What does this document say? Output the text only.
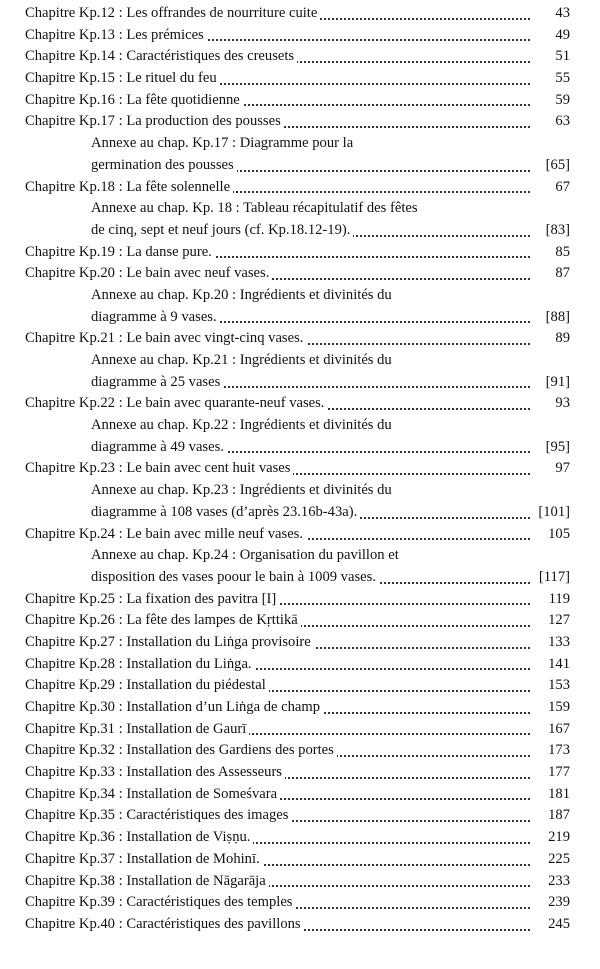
Chapitre Kp.12 : Les offrandes de nourriture cuite	43
Chapitre Kp.13 : Les prémices	49
Chapitre Kp.14 : Caractéristiques des creusets	51
Chapitre Kp.15 : Le rituel du feu	55
Chapitre Kp.16 : La fête quotidienne	59
Chapitre Kp.17 : La production des pousses	63
Annexe au chap. Kp.17 : Diagramme pour la
germination des pousses	[65]
Chapitre Kp.18 : La fête solennelle	67
Annexe au chap. Kp. 18 : Tableau récapitulatif des fêtes
de cinq, sept et neuf jours (cf. Kp.18.12-19).	[83]
Chapitre Kp.19 : La danse pure.	85
Chapitre Kp.20 : Le bain avec neuf vases.	87
Annexe au chap. Kp.20 : Ingrédients et divinités du
diagramme à 9 vases.	[88]
Chapitre Kp.21 : Le bain avec vingt-cinq vases.	89
Annexe au chap. Kp.21 : Ingrédients et divinités du
diagramme à 25 vases	[91]
Chapitre Kp.22 : Le bain avec quarante-neuf vases.	93
Annexe au chap. Kp.22 : Ingrédients et divinités du
diagramme à 49 vases.	[95]
Chapitre Kp.23 : Le bain avec cent huit vases	97
Annexe au chap. Kp.23 : Ingrédients et divinités du
diagramme à 108 vases (d’après 23.16b-43a).	[101]
Chapitre Kp.24 : Le bain avec mille neuf vases.	105
Annexe au chap. Kp.24 : Organisation du pavillon et
disposition des vases poour le bain à 1009 vases.	[117]
Chapitre Kp.25 : La fixation des pavitra [I]	119
Chapitre Kp.26 : La fête des lampes de Kṛttikā	127
Chapitre Kp.27 : Installation du Liṅga provisoire	133
Chapitre Kp.28 : Installation du Liṅga.	141
Chapitre Kp.29 : Installation du piédestal	153
Chapitre Kp.30 : Installation d’un Liṅga de champ	159
Chapitre Kp.31 : Installation de Gaurī	167
Chapitre Kp.32 : Installation des Gardiens des portes	173
Chapitre Kp.33 : Installation des Assesseurs	177
Chapitre Kp.34 : Installation de Someśvara	181
Chapitre Kp.35 : Caractéristiques des images	187
Chapitre Kp.36 : Installation de Viṣṇu.	219
Chapitre Kp.37 : Installation de Mohinī.	225
Chapitre Kp.38 : Installation de Nāgarāja	233
Chapitre Kp.39 : Caractéristiques des temples	239
Chapitre Kp.40 : Caractéristiques des pavillons	245
